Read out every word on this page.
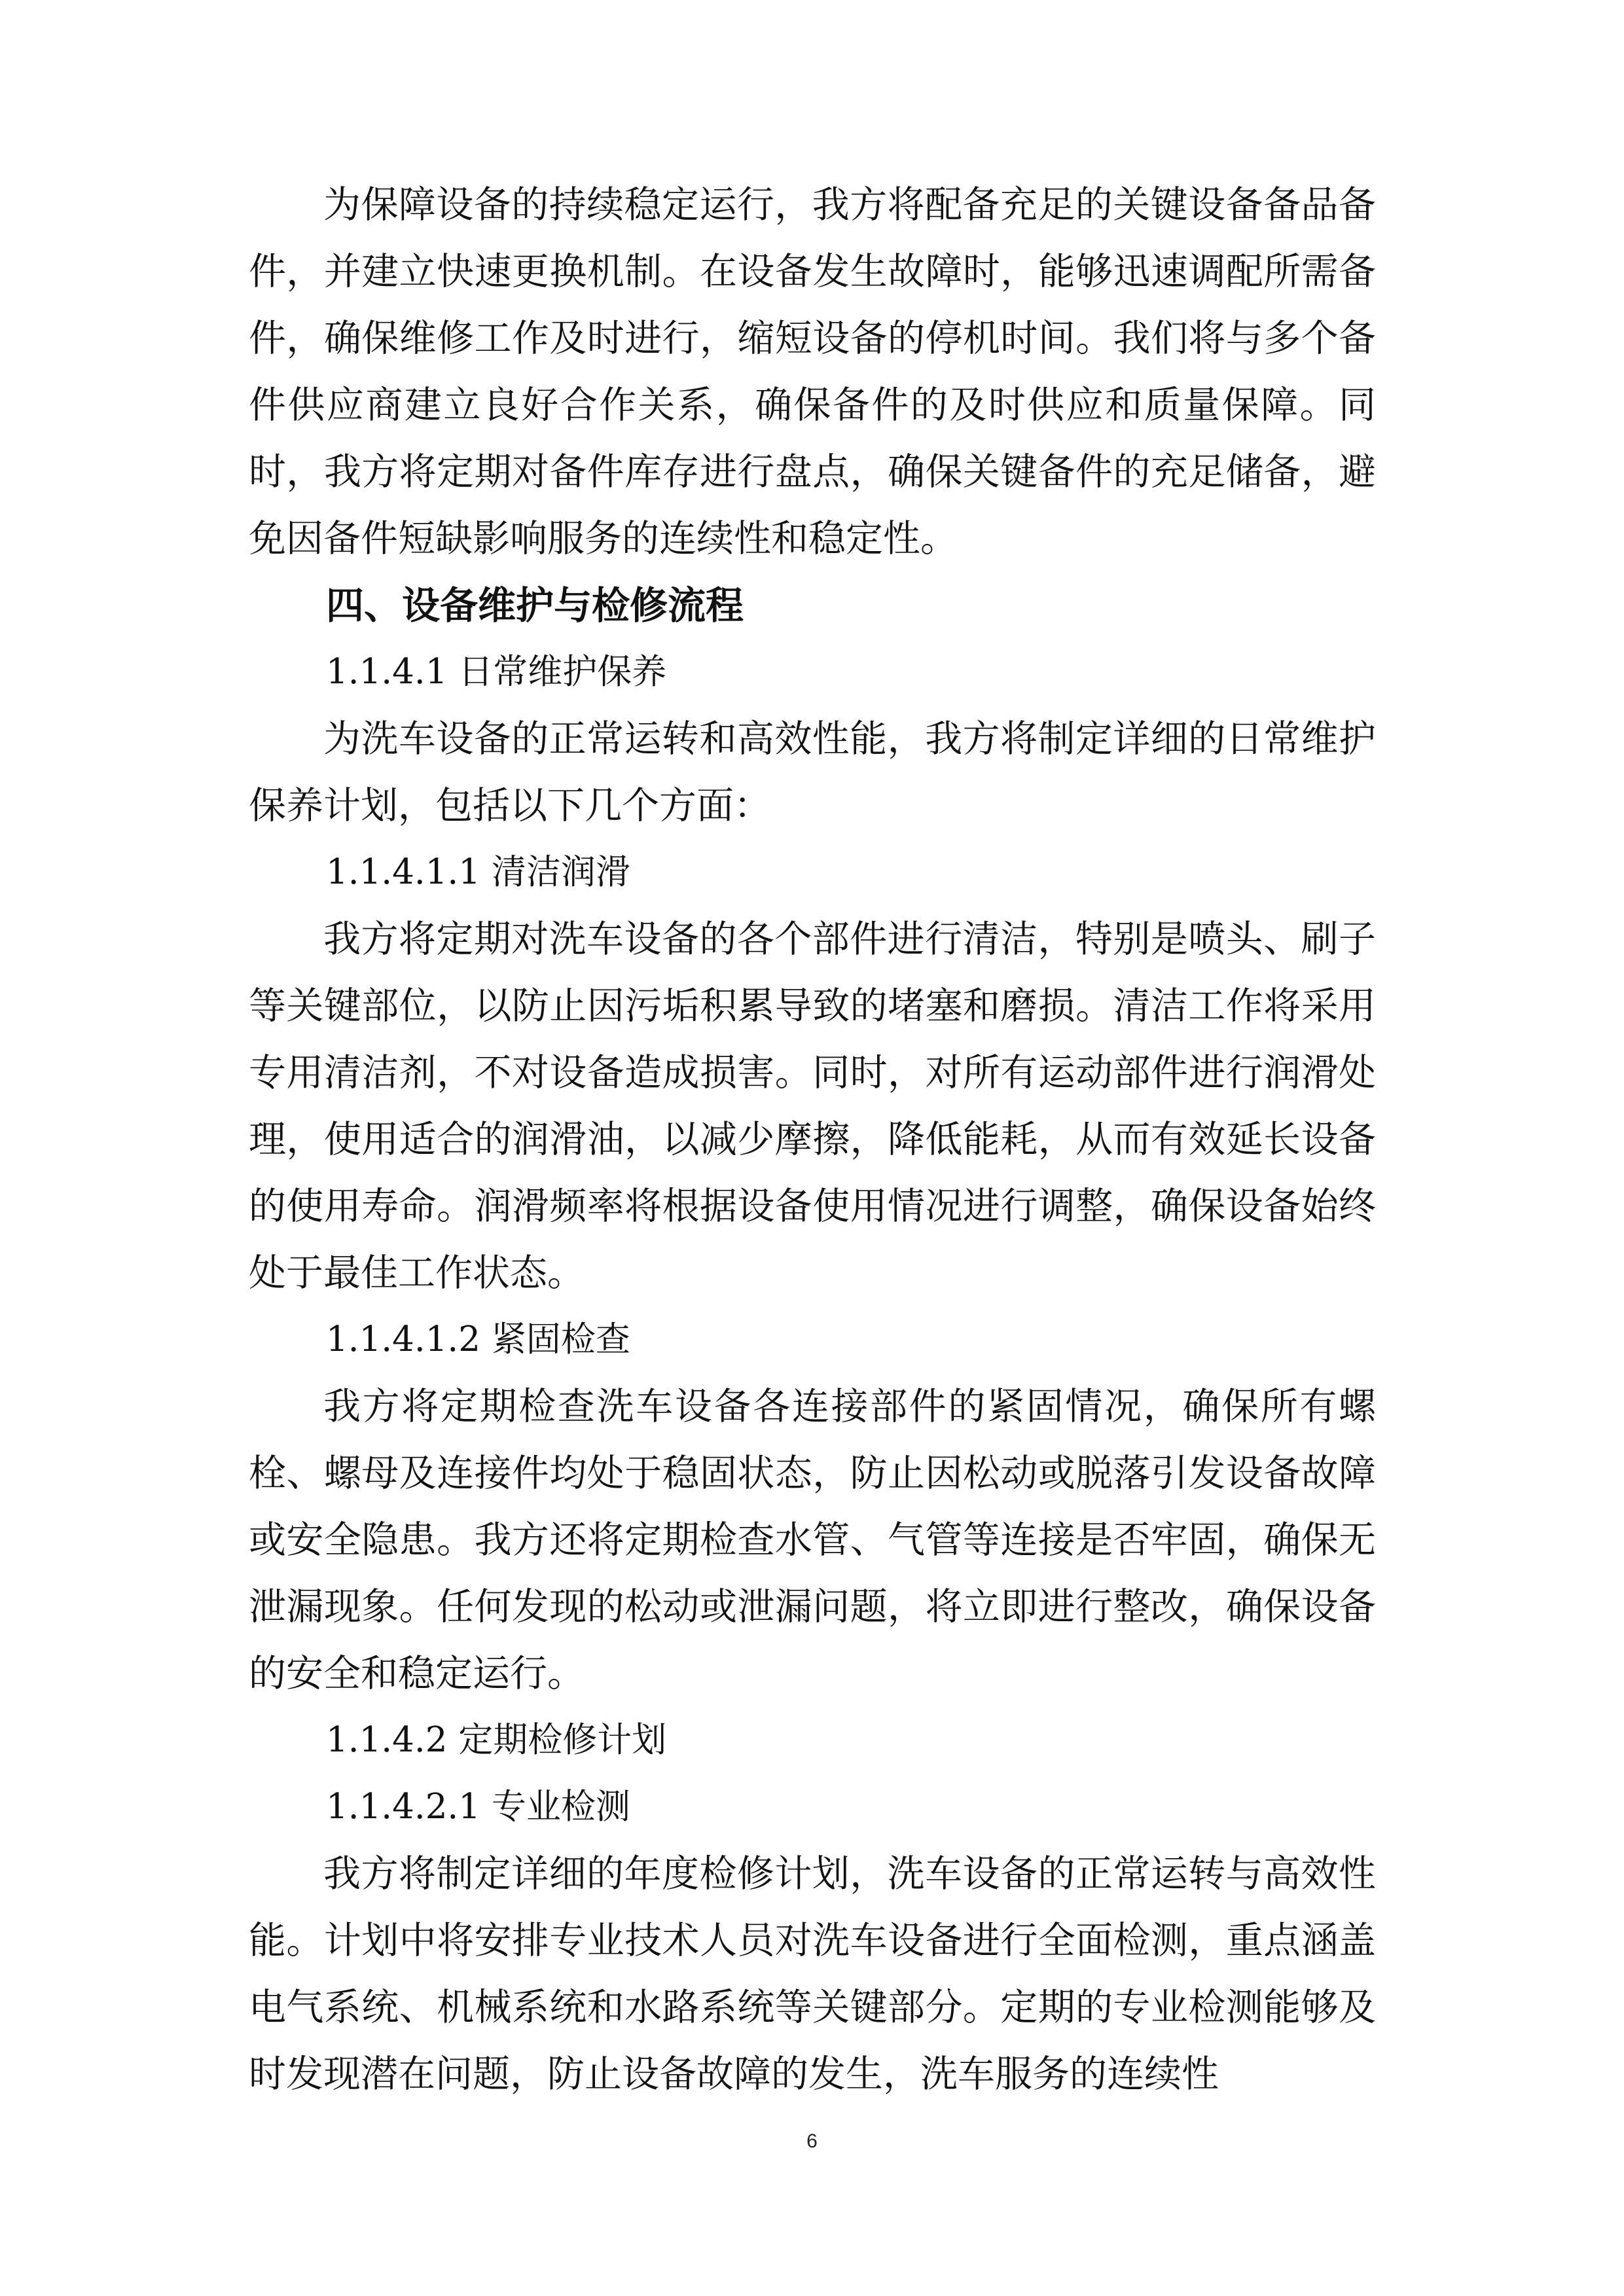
为保障设备的持续稳定运行，我方将配备充足的关键设备备品备件，并建立快速更换机制。在设备发生故障时，能够迅速调配所需备件，确保维修工作及时进行，缩短设备的停机时间。我们将与多个备件供应商建立良好合作关系，确保备件的及时供应和质量保障。同时，我方将定期对备件库存进行盘点，确保关键备件的充足储备，避免因备件短缺影响服务的连续性和稳定性。

四、设备维护与检修流程

1.1.4.1 日常维护保养

为洗车设备的正常运转和高效性能，我方将制定详细的日常维护保养计划，包括以下几个方面：

1.1.4.1.1 清洁润滑

我方将定期对洗车设备的各个部件进行清洁，特别是喷头、刷子等关键部位，以防止因污垢积累导致的堵塞和磨损。清洁工作将采用专用清洁剂，不对设备造成损害。同时，对所有运动部件进行润滑处理，使用适合的润滑油，以减少摩擦，降低能耗，从而有效延长设备的使用寿命。润滑频率将根据设备使用情况进行调整，确保设备始终处于最佳工作状态。

1.1.4.1.2 紧固检查

我方将定期检查洗车设备各连接部件的紧固情况，确保所有螺栓、螺母及连接件均处于稳固状态，防止因松动或脱落引发设备故障或安全隐患。我方还将定期检查水管、气管等连接是否牢固，确保无泄漏现象。任何发现的松动或泄漏问题，将立即进行整改，确保设备的安全和稳定运行。

1.1.4.2 定期检修计划

1.1.4.2.1 专业检测

我方将制定详细的年度检修计划，洗车设备的正常运转与高效性能。计划中将安排专业技术人员对洗车设备进行全面检测，重点涵盖电气系统、机械系统和水路系统等关键部分。定期的专业检测能够及时发现潜在问题，防止设备故障的发生，洗车服务的连续性

6
